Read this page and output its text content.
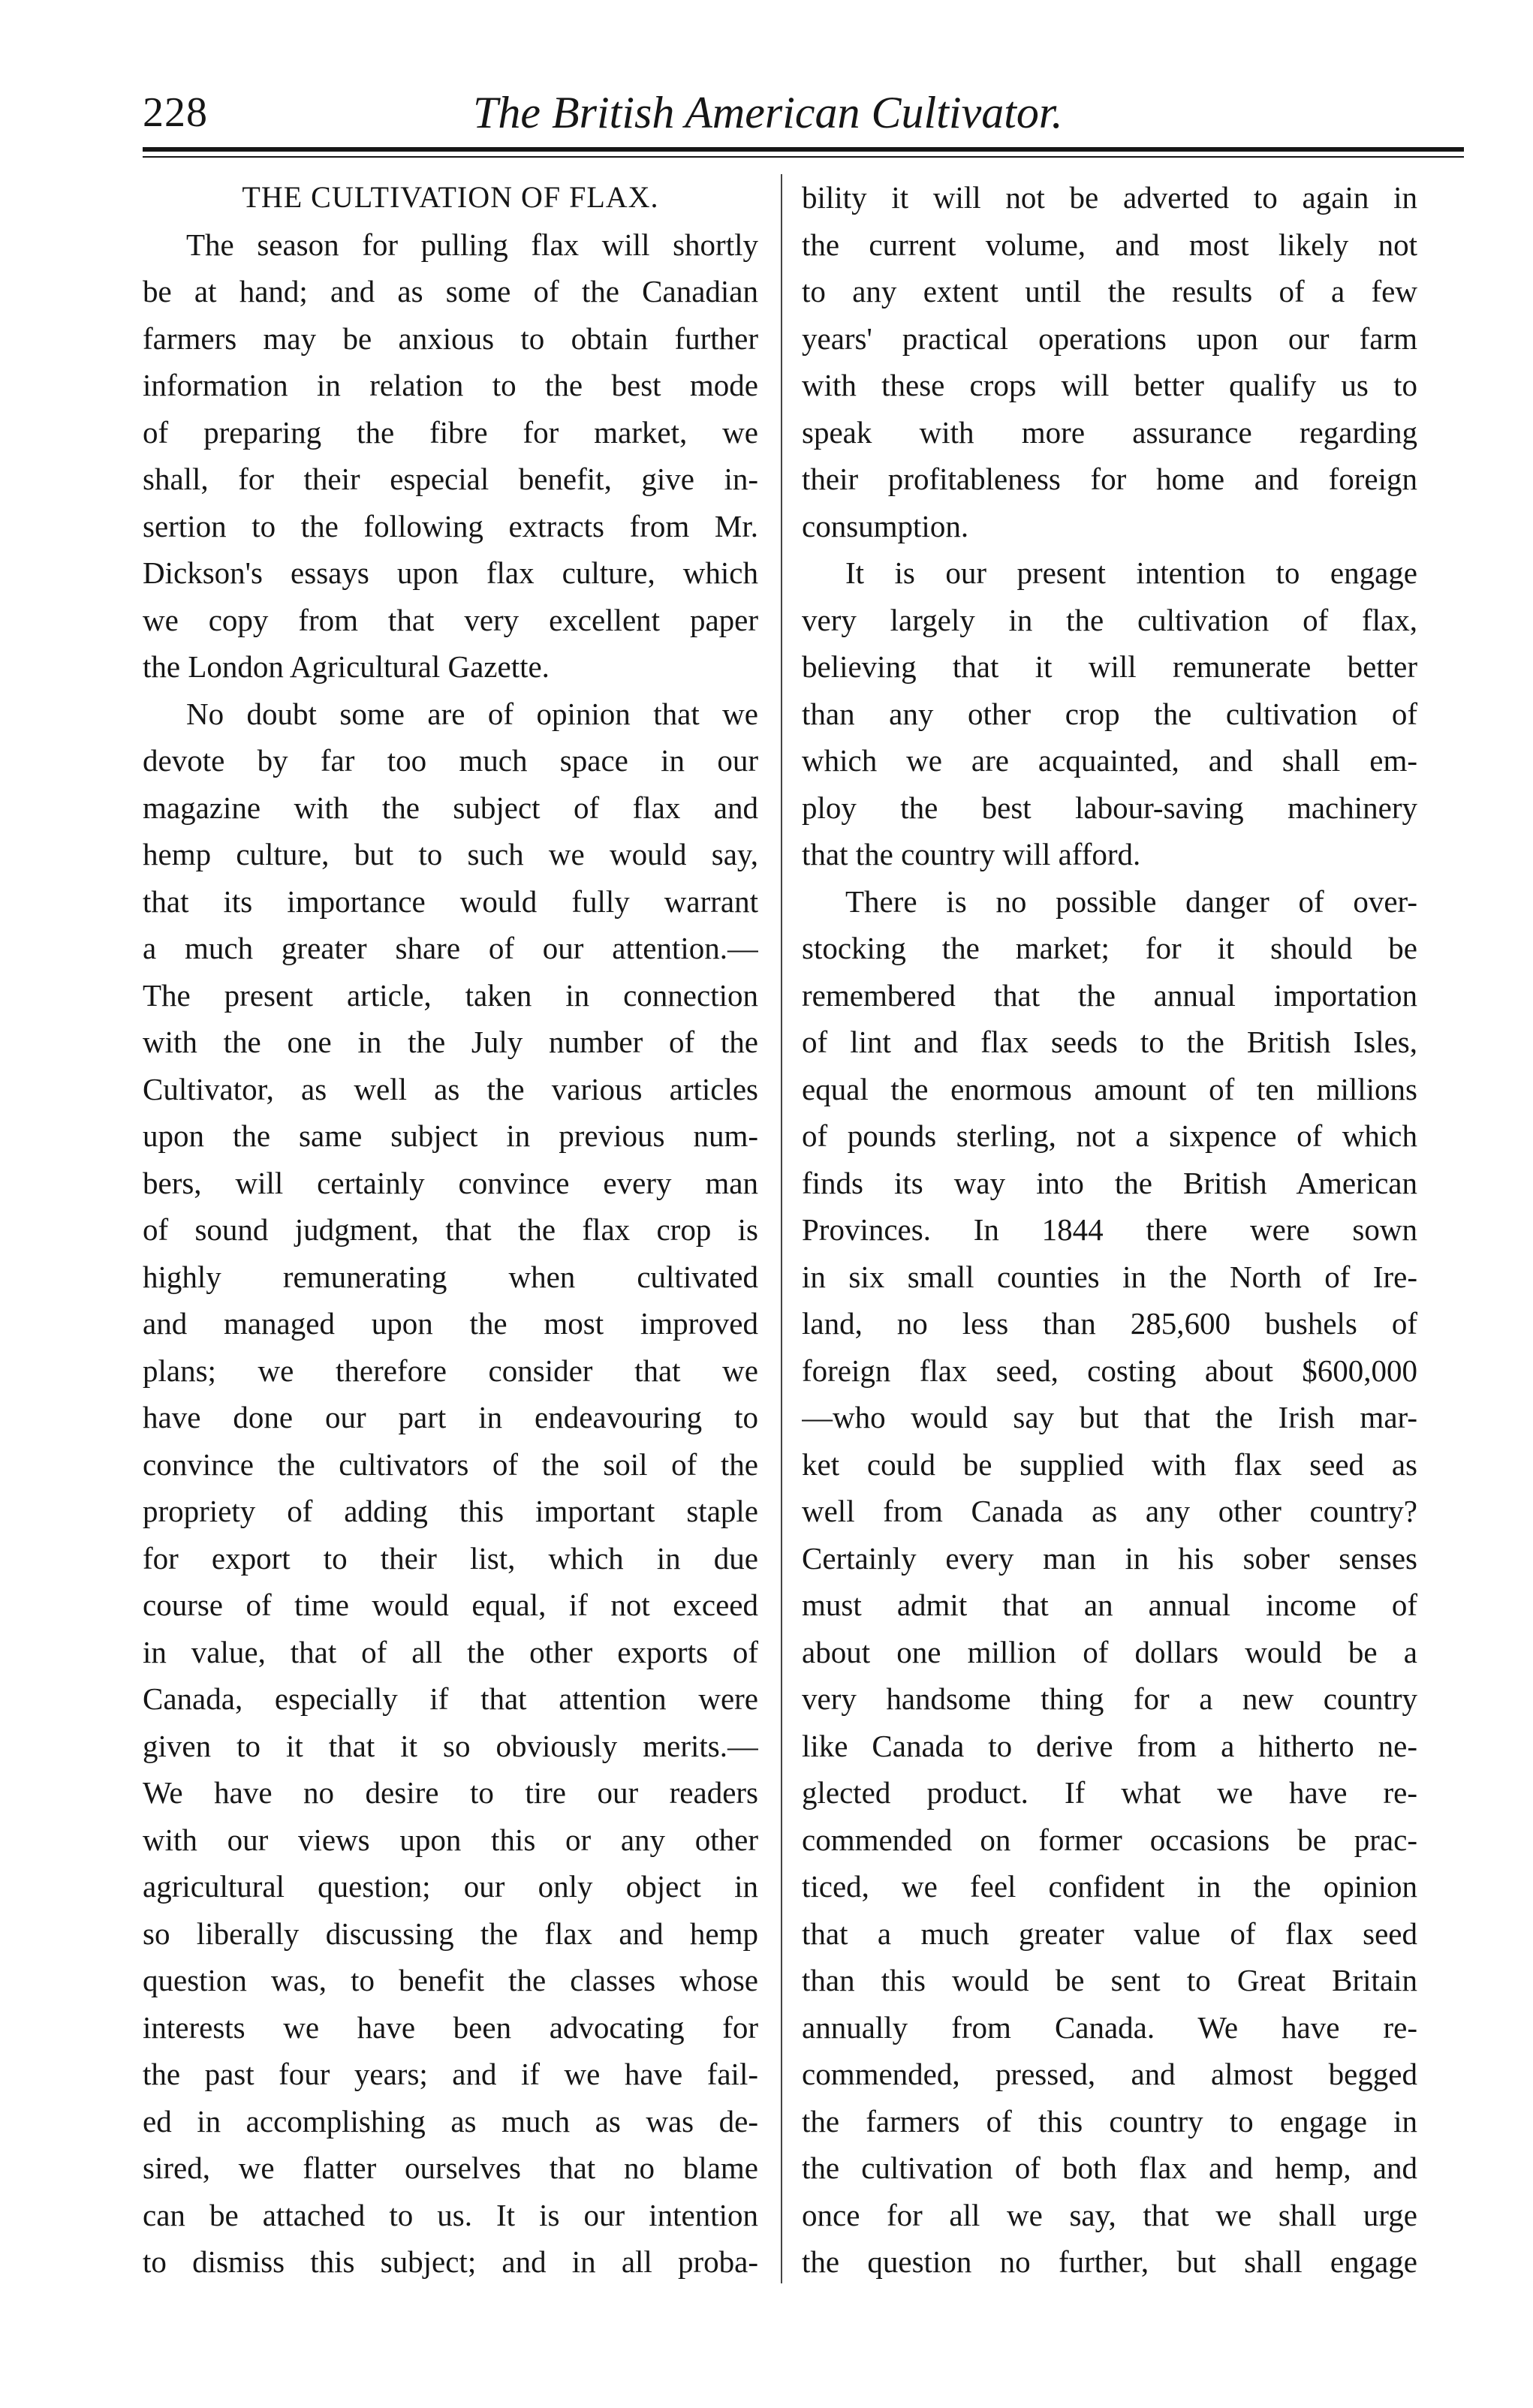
228	The British American Cultivator.
THE CULTIVATION OF FLAX.
The season for pulling flax will shortly
be at hand; and as some of the Canadian
farmers may be anxious to obtain further
information in relation to the best mode
of preparing the fibre for market, we
shall, for their especial benefit, give in-
sertion to the following extracts from Mr.
Dickson's essays upon flax culture, which
we copy from that very excellent paper
the London Agricultural Gazette.
No doubt some are of opinion that we
devote by far too much space in our
magazine with the subject of flax and
hemp culture, but to such we would say,
that its importance would fully warrant
a much greater share of our attention.—
The present article, taken in connection
with the one in the July number of the
Cultivator, as well as the various articles
upon the same subject in previous num-
bers, will certainly convince every man
of sound judgment, that the flax crop is
highly remunerating when cultivated
and managed upon the most improved
plans; we therefore consider that we
have done our part in endeavouring to
convince the cultivators of the soil of the
propriety of adding this important staple
for export to their list, which in due
course of time would equal, if not exceed
in value, that of all the other exports of
Canada, especially if that attention were
given to it that it so obviously merits.—
We have no desire to tire our readers
with our views upon this or any other
agricultural question; our only object in
so liberally discussing the flax and hemp
question was, to benefit the classes whose
interests we have been advocating for
the past four years; and if we have fail-
ed in accomplishing as much as was de-
sired, we flatter ourselves that no blame
can be attached to us. It is our intention
to dismiss this subject; and in all proba-
bility it will not be adverted to again in
the current volume, and most likely not
to any extent until the results of a few
years' practical operations upon our farm
with these crops will better qualify us to
speak with more assurance regarding
their profitableness for home and foreign
consumption.
It is our present intention to engage
very largely in the cultivation of flax,
believing that it will remunerate better
than any other crop the cultivation of
which we are acquainted, and shall em-
ploy the best labour-saving machinery
that the country will afford.
There is no possible danger of over-
stocking the market; for it should be
remembered that the annual importation
of lint and flax seeds to the British Isles,
equal the enormous amount of ten millions
of pounds sterling, not a sixpence of which
finds its way into the British American
Provinces. In 1844 there were sown
in six small counties in the North of Ire-
land, no less than 285,600 bushels of
foreign flax seed, costing about $600,000
—who would say but that the Irish mar-
ket could be supplied with flax seed as
well from Canada as any other country?
Certainly every man in his sober senses
must admit that an annual income of
about one million of dollars would be a
very handsome thing for a new country
like Canada to derive from a hitherto ne-
glected product. If what we have re-
commended on former occasions be prac-
ticed, we feel confident in the opinion
that a much greater value of flax seed
than this would be sent to Great Britain
annually from Canada. We have re-
commended, pressed, and almost begged
the farmers of this country to engage in
the cultivation of both flax and hemp, and
once for all we say, that we shall urge
the question no further, but shall engage
